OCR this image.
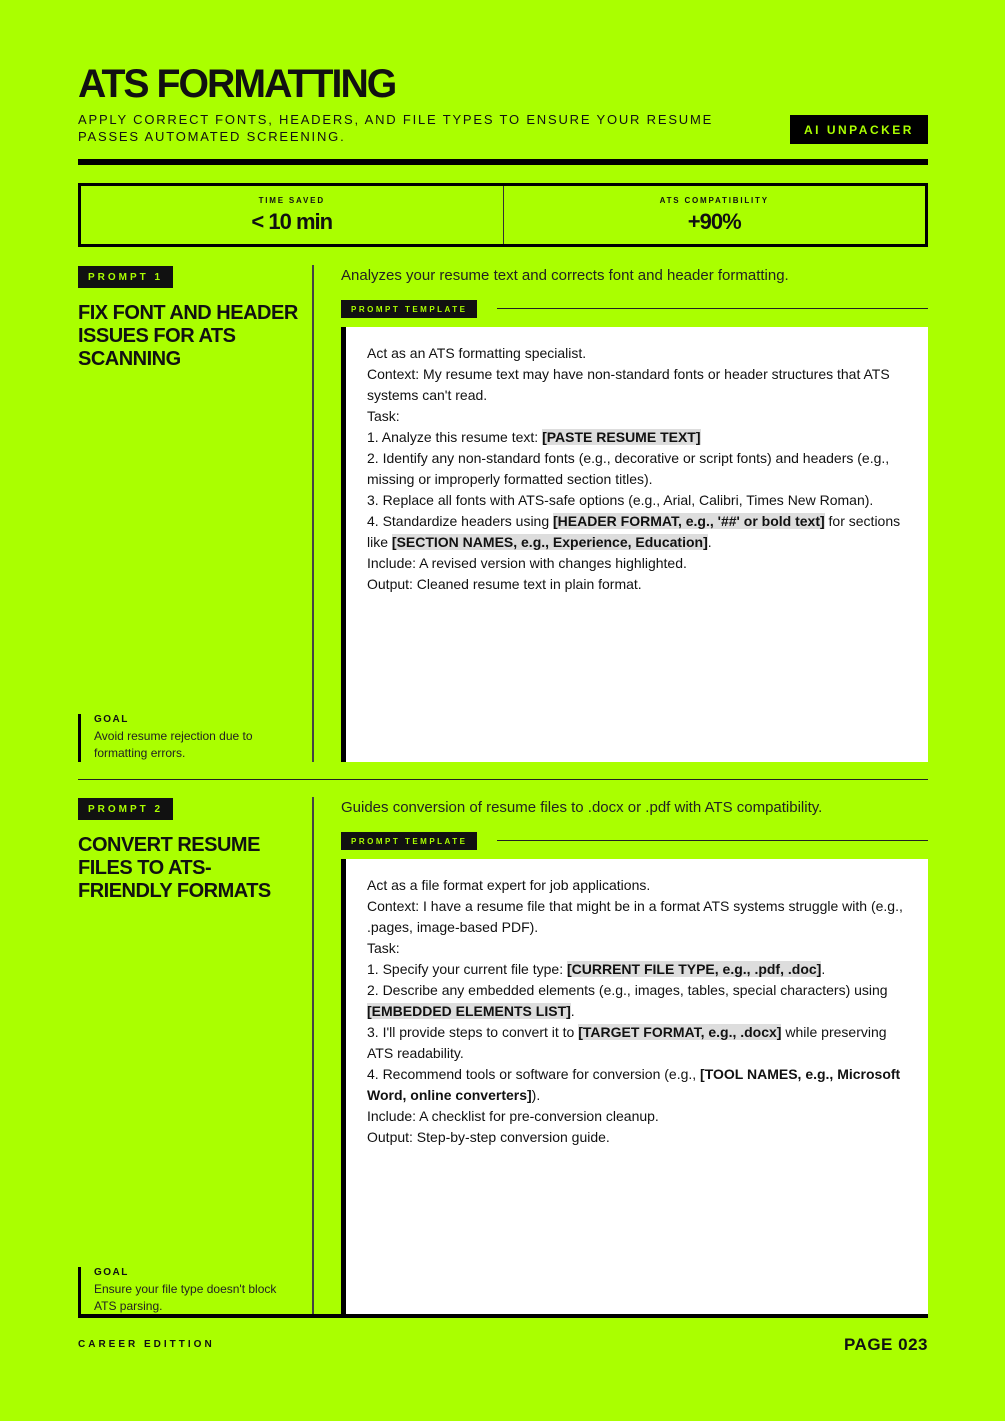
ATS FORMATTING
APPLY CORRECT FONTS, HEADERS, AND FILE TYPES TO ENSURE YOUR RESUME PASSES AUTOMATED SCREENING.	AI UNPACKER
TIME SAVED
< 10 min
ATS COMPATIBILITY
+90%
PROMPT 1
FIX FONT AND HEADER ISSUES FOR ATS SCANNING
GOAL
Avoid resume rejection due to formatting errors.
Analyzes your resume text and corrects font and header formatting.
PROMPT TEMPLATE
Act as an ATS formatting specialist.
Context: My resume text may have non-standard fonts or header structures that ATS systems can't read.
Task:
1. Analyze this resume text: [PASTE RESUME TEXT]
2. Identify any non-standard fonts (e.g., decorative or script fonts) and headers (e.g., missing or improperly formatted section titles).
3. Replace all fonts with ATS-safe options (e.g., Arial, Calibri, Times New Roman).
4. Standardize headers using [HEADER FORMAT, e.g., '##' or bold text] for sections like [SECTION NAMES, e.g., Experience, Education].
Include: A revised version with changes highlighted.
Output: Cleaned resume text in plain format.
PROMPT 2
CONVERT RESUME FILES TO ATS-FRIENDLY FORMATS
GOAL
Ensure your file type doesn't block ATS parsing.
Guides conversion of resume files to .docx or .pdf with ATS compatibility.
PROMPT TEMPLATE
Act as a file format expert for job applications.
Context: I have a resume file that might be in a format ATS systems struggle with (e.g., .pages, image-based PDF).
Task:
1. Specify your current file type: [CURRENT FILE TYPE, e.g., .pdf, .doc].
2. Describe any embedded elements (e.g., images, tables, special characters) using [EMBEDDED ELEMENTS LIST].
3. I'll provide steps to convert it to [TARGET FORMAT, e.g., .docx] while preserving ATS readability.
4. Recommend tools or software for conversion (e.g., [TOOL NAMES, e.g., Microsoft Word, online converters]).
Include: A checklist for pre-conversion cleanup.
Output: Step-by-step conversion guide.
CAREER EDITTION	PAGE 023
